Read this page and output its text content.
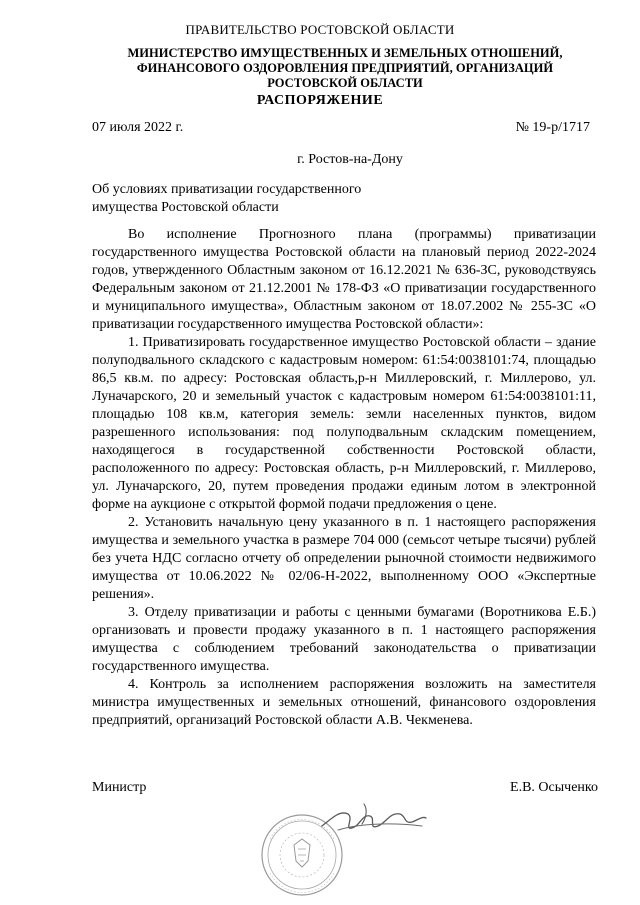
ПРАВИТЕЛЬСТВО РОСТОВСКОЙ ОБЛАСТИ
МИНИСТЕРСТВО ИМУЩЕСТВЕННЫХ И ЗЕМЕЛЬНЫХ ОТНОШЕНИЙ, ФИНАНСОВОГО ОЗДОРОВЛЕНИЯ ПРЕДПРИЯТИЙ, ОРГАНИЗАЦИЙ РОСТОВСКОЙ ОБЛАСТИ
РАСПОРЯЖЕНИЕ
07 июля 2022 г.	№ 19-р/1717
г. Ростов-на-Дону
Об условиях приватизации государственного имущества Ростовской области

Во исполнение Прогнозного плана (программы) приватизации государственного имущества Ростовской области на плановый период 2022-2024 годов, утвержденного Областным законом от 16.12.2021 № 636-ЗС, руководствуясь Федеральным законом от 21.12.2001 № 178-ФЗ «О приватизации государственного и муниципального имущества», Областным законом от 18.07.2002 № 255-ЗС «О приватизации государственного имущества Ростовской области»:

1. Приватизировать государственное имущество Ростовской области – здание полуподвального складского с кадастровым номером: 61:54:0038101:74, площадью 86,5 кв.м. по адресу: Ростовская область,р-н Миллеровский, г. Миллерово, ул. Луначарского, 20 и земельный участок с кадастровым номером 61:54:0038101:11, площадью 108 кв.м, категория земель: земли населенных пунктов, видом разрешенного использования: под полуподвальным складским помещением, находящегося в государственной собственности Ростовской области, расположенного по адресу: Ростовская область, р-н Миллеровский, г. Миллерово, ул. Луначарского, 20, путем проведения продажи единым лотом в электронной форме на аукционе с открытой формой подачи предложения о цене.

2. Установить начальную цену указанного в п. 1 настоящего распоряжения имущества и земельного участка в размере 704 000 (семьсот четыре тысячи) рублей без учета НДС согласно отчету об определении рыночной стоимости недвижимого имущества от 10.06.2022 № 02/06-Н-2022, выполненному ООО «Экспертные решения».

3. Отделу приватизации и работы с ценными бумагами (Воротникова Е.Б.) организовать и провести продажу указанного в п. 1 настоящего распоряжения имущества с соблюдением требований законодательства о приватизации государственного имущества.

4. Контроль за исполнением распоряжения возложить на заместителя министра имущественных и земельных отношений, финансового оздоровления предприятий, организаций Ростовской области А.В. Чекменева.

Министр	Е.В. Осыченко
